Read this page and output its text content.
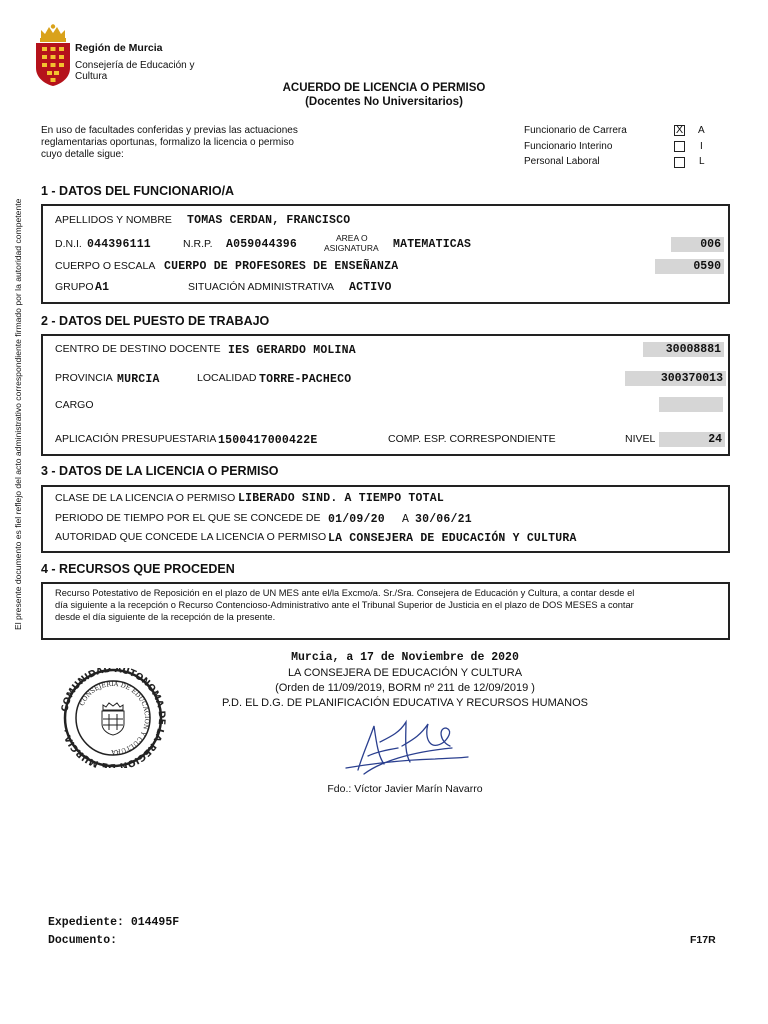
Región de Murcia
Consejería de Educación y
Cultura
ACUERDO DE LICENCIA O PERMISO
(Docentes No Universitarios)
En uso de facultades conferidas y previas las actuaciones
reglamentarias oportunas, formalizo la licencia o permiso
cuyo detalle sigue:
Funcionario de Carrera	X A
Funcionario Interino	I
Personal Laboral	L
El presente documento es fiel reflejo del acto administrativo correspondiente firmado por la autoridad competente
1 - DATOS DEL FUNCIONARIO/A
APELLIDOS Y NOMBRE TOMAS CERDAN, FRANCISCO
D.N.I. 044396111	N.R.P. A059044396	AREA O
ASIGNATURA MATEMATICAS	006
CUERPO O ESCALA CUERPO DE PROFESORES DE ENSEÑANZA	0590
GRUPO A1	SITUACIÓN ADMINISTRATIVA ACTIVO
2 - DATOS DEL PUESTO DE TRABAJO
CENTRO DE DESTINO DOCENTE IES GERARDO MOLINA	30008881
PROVINCIA MURCIA	LOCALIDAD TORRE-PACHECO	300370013
CARGO
APLICACIÓN PRESUPUESTARIA 1500417000422E	COMP. ESP. CORRESPONDIENTE	NIVEL	24
3 - DATOS DE LA LICENCIA O PERMISO
CLASE DE LA LICENCIA O PERMISO LIBERADO SIND. A TIEMPO TOTAL
PERIODO DE TIEMPO POR EL QUE SE CONCEDE DE 01/09/20 A 30/06/21
AUTORIDAD QUE CONCEDE LA LICENCIA O PERMISO LA CONSEJERA DE EDUCACIÓN Y CULTURA
4 - RECURSOS QUE PROCEDEN
Recurso Potestativo de Reposición en el plazo de UN MES ante el/la Excmo/a. Sr./Sra. Consejera de Educación y Cultura, a contar desde el
día siguiente a la recepción o Recurso Contencioso-Administrativo ante el Tribunal Superior de Justicia en el plazo de DOS MESES a contar
desde el día siguiente de la recepción de la presente.
Murcia, a 17 de Noviembre de 2020
LA CONSEJERA DE EDUCACIÓN Y CULTURA
(Orden de 11/09/2019, BORM nº 211 de 12/09/2019 )
P.D. EL D.G. DE PLANIFICACIÓN EDUCATIVA Y RECURSOS HUMANOS
Fdo.: Víctor Javier Marín Navarro
COMUNIDAD AUTONOMA DE LA REGION DE MURCIA ·
CONSEJERIA DE EDUCACION Y CULTURA
Expediente: 014495F
Documento:	F17R
